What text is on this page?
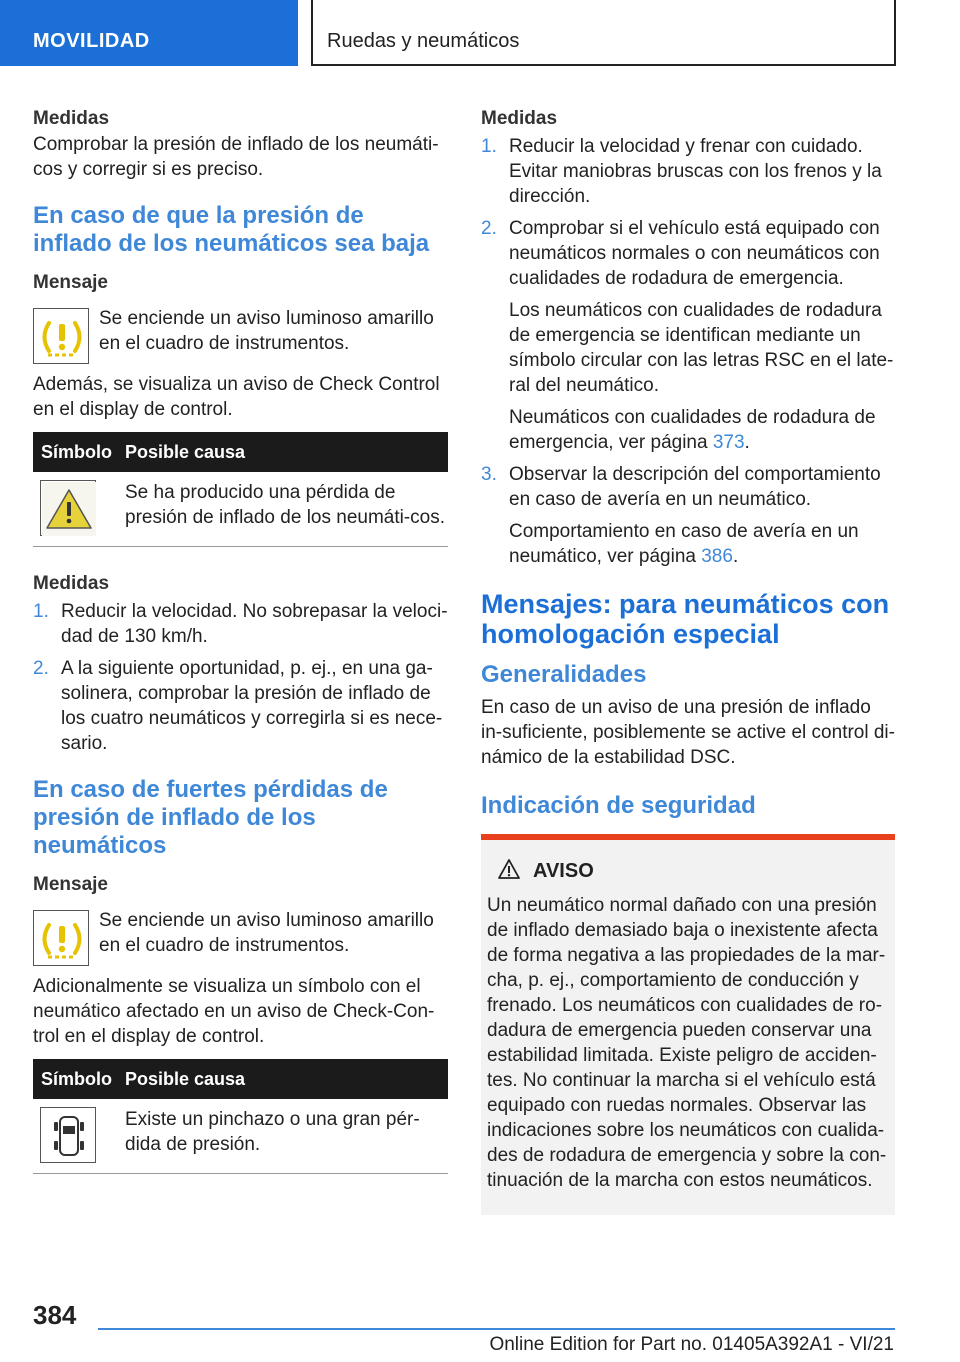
MOVILIDAD	Ruedas y neumáticos
Medidas
Comprobar la presión de inflado de los neumáti-cos y corregir si es preciso.
En caso de que la presión de inflado de los neumáticos sea baja
Mensaje
Se enciende un aviso luminoso amarillo en el cuadro de instrumentos.
Además, se visualiza un aviso de Check Control en el display de control.
Símbolo Posible causa
Se ha producido una pérdida de presión de inflado de los neumáti-cos.
Medidas
1. Reducir la velocidad. No sobrepasar la veloci-dad de 130 km/h.
2. A la siguiente oportunidad, p. ej., en una ga-solinera, comprobar la presión de inflado de los cuatro neumáticos y corregirla si es nece-sario.
En caso de fuertes pérdidas de presión de inflado de los neumáticos
Mensaje
Se enciende un aviso luminoso amarillo en el cuadro de instrumentos.
Adicionalmente se visualiza un símbolo con el neumático afectado en un aviso de Check-Con-trol en el display de control.
Símbolo Posible causa
Existe un pinchazo o una gran pér-dida de presión.
Medidas
1. Reducir la velocidad y frenar con cuidado. Evitar maniobras bruscas con los frenos y la dirección.
2. Comprobar si el vehículo está equipado con neumáticos normales o con neumáticos con cualidades de rodadura de emergencia.
Los neumáticos con cualidades de rodadura de emergencia se identifican mediante un símbolo circular con las letras RSC en el late-ral del neumático.
Neumáticos con cualidades de rodadura de emergencia, ver página 373.
3. Observar la descripción del comportamiento en caso de avería en un neumático.
Comportamiento en caso de avería en un neumático, ver página 386.
Mensajes: para neumáticos con homologación especial
Generalidades
En caso de un aviso de una presión de inflado in-suficiente, posiblemente se active el control di-námico de la estabilidad DSC.
Indicación de seguridad
AVISO
Un neumático normal dañado con una presión de inflado demasiado baja o inexistente afecta de forma negativa a las propiedades de la mar-cha, p. ej., comportamiento de conducción y frenado. Los neumáticos con cualidades de ro-dadura de emergencia pueden conservar una estabilidad limitada. Existe peligro de acciden-tes. No continuar la marcha si el vehículo está equipado con ruedas normales. Observar las indicaciones sobre los neumáticos con cualida-des de rodadura de emergencia y sobre la con-tinuación de la marcha con estos neumáticos.
384
Online Edition for Part no. 01405A392A1 - VI/21
